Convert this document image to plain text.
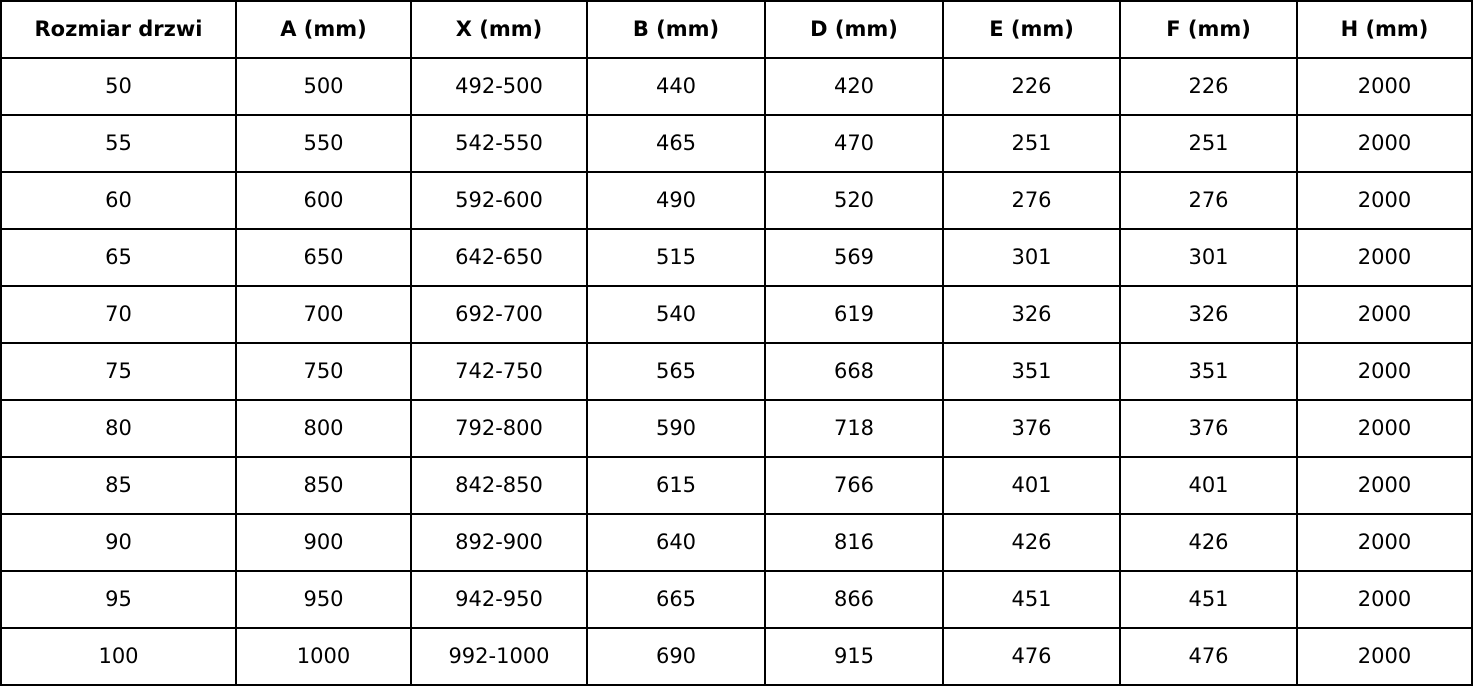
Rozmiar drzwi	A (mm)	X (mm)	B (mm)	D (mm)	E (mm)	F (mm)	H (mm)
50	500	492-500	440	420	226	226	2000
55	550	542-550	465	470	251	251	2000
60	600	592-600	490	520	276	276	2000
65	650	642-650	515	569	301	301	2000
70	700	692-700	540	619	326	326	2000
75	750	742-750	565	668	351	351	2000
80	800	792-800	590	718	376	376	2000
85	850	842-850	615	766	401	401	2000
90	900	892-900	640	816	426	426	2000
95	950	942-950	665	866	451	451	2000
100	1000	992-1000	690	915	476	476	2000
